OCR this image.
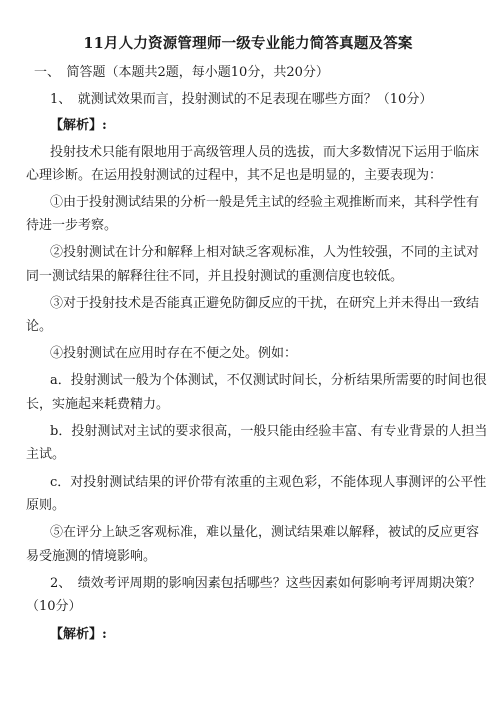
11月人力资源管理师一级专业能力简答真题及答案
一、　简答题（本题共2题，每小题10分，共20分）
1、　就测试效果而言，投射测试的不足表现在哪些方面？（10分）
【解析】:
投射技术只能有限地用于高级管理人员的选拔，而大多数情况下运用于临床
心理诊断。在运用投射测试的过程中，其不足也是明显的，主要表现为：
①由于投射测试结果的分析一般是凭主试的经验主观推断而来，其科学性有
待进一步考察。
②投射测试在计分和解释上相对缺乏客观标准，人为性较强，不同的主试对
同一测试结果的解释往往不同，并且投射测试的重测信度也较低。
③对于投射技术是否能真正避免防御反应的干扰，在研究上并未得出一致结
论。
④投射测试在应用时存在不便之处。例如：
a．投射测试一般为个体测试，不仅测试时间长，分析结果所需要的时间也很
长，实施起来耗费精力。
b．投射测试对主试的要求很高，一般只能由经验丰富、有专业背景的人担当
主试。
c．对投射测试结果的评价带有浓重的主观色彩，不能体现人事测评的公平性
原则。
⑤在评分上缺乏客观标准，难以量化，测试结果难以解释，被试的反应更容
易受施测的情境影响。
2、　绩效考评周期的影响因素包括哪些？这些因素如何影响考评周期决策？
（10分）
【解析】:
